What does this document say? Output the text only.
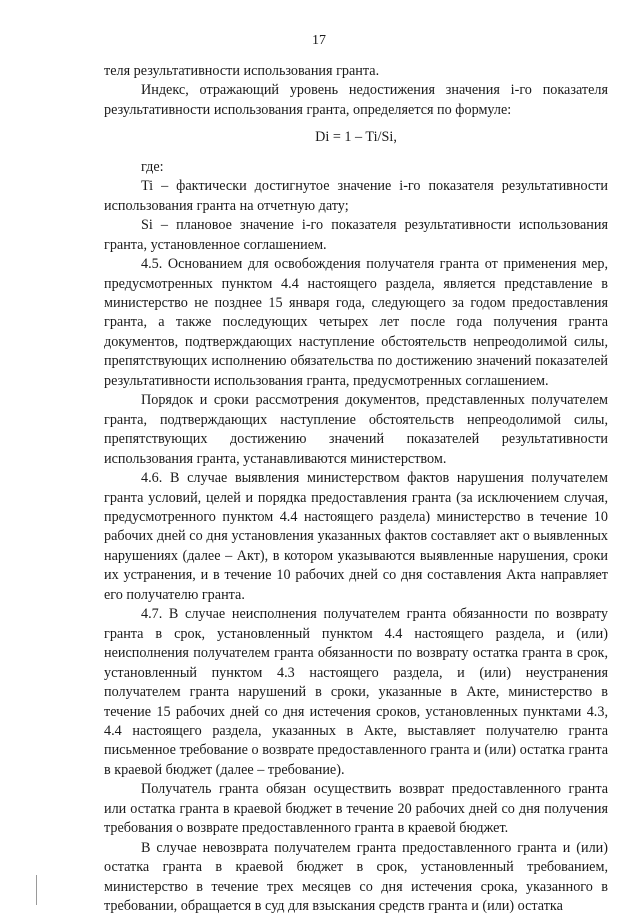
17

теля результативности использования гранта.

Индекс, отражающий уровень недостижения значения i-го показателя результативности использования гранта, определяется по формуле:

Di = 1 – Ti/Si,

где:

Ti – фактически достигнутое значение i-го показателя результативности использования гранта на отчетную дату;

Si – плановое значение i-го показателя результативности использования гранта, установленное соглашением.

4.5. Основанием для освобождения получателя гранта от применения мер, предусмотренных пунктом 4.4 настоящего раздела, является представление в министерство не позднее 15 января года, следующего за годом предоставления гранта, а также последующих четырех лет после года получения гранта документов, подтверждающих наступление обстоятельств непреодолимой силы, препятствующих исполнению обязательства по достижению значений показателей результативности использования гранта, предусмотренных соглашением.

Порядок и сроки рассмотрения документов, представленных получателем гранта, подтверждающих наступление обстоятельств непреодолимой силы, препятствующих достижению значений показателей результативности использования гранта, устанавливаются министерством.

4.6. В случае выявления министерством фактов нарушения получателем гранта условий, целей и порядка предоставления гранта (за исключением случая, предусмотренного пунктом 4.4 настоящего раздела) министерство в течение 10 рабочих дней со дня установления указанных фактов составляет акт о выявленных нарушениях (далее – Акт), в котором указываются выявленные нарушения, сроки их устранения, и в течение 10 рабочих дней со дня составления Акта направляет его получателю гранта.

4.7. В случае неисполнения получателем гранта обязанности по возврату гранта в срок, установленный пунктом 4.4 настоящего раздела, и (или) неисполнения получателем гранта обязанности по возврату остатка гранта в срок, установленный пунктом 4.3 настоящего раздела, и (или) неустранения получателем гранта нарушений в сроки, указанные в Акте, министерство в течение 15 рабочих дней со дня истечения сроков, установленных пунктами 4.3, 4.4 настоящего раздела, указанных в Акте, выставляет получателю гранта письменное требование о возврате предоставленного гранта и (или) остатка гранта в краевой бюджет (далее – требование).

Получатель гранта обязан осуществить возврат предоставленного гранта или остатка гранта в краевой бюджет в течение 20 рабочих дней со дня получения требования о возврате предоставленного гранта в краевой бюджет.

В случае невозврата получателем гранта предоставленного гранта и (или) остатка гранта в краевой бюджет в срок, установленный требованием, министерство в течение трех месяцев со дня истечения срока, указанного в требовании, обращается в суд для взыскания средств гранта и (или) остатка
